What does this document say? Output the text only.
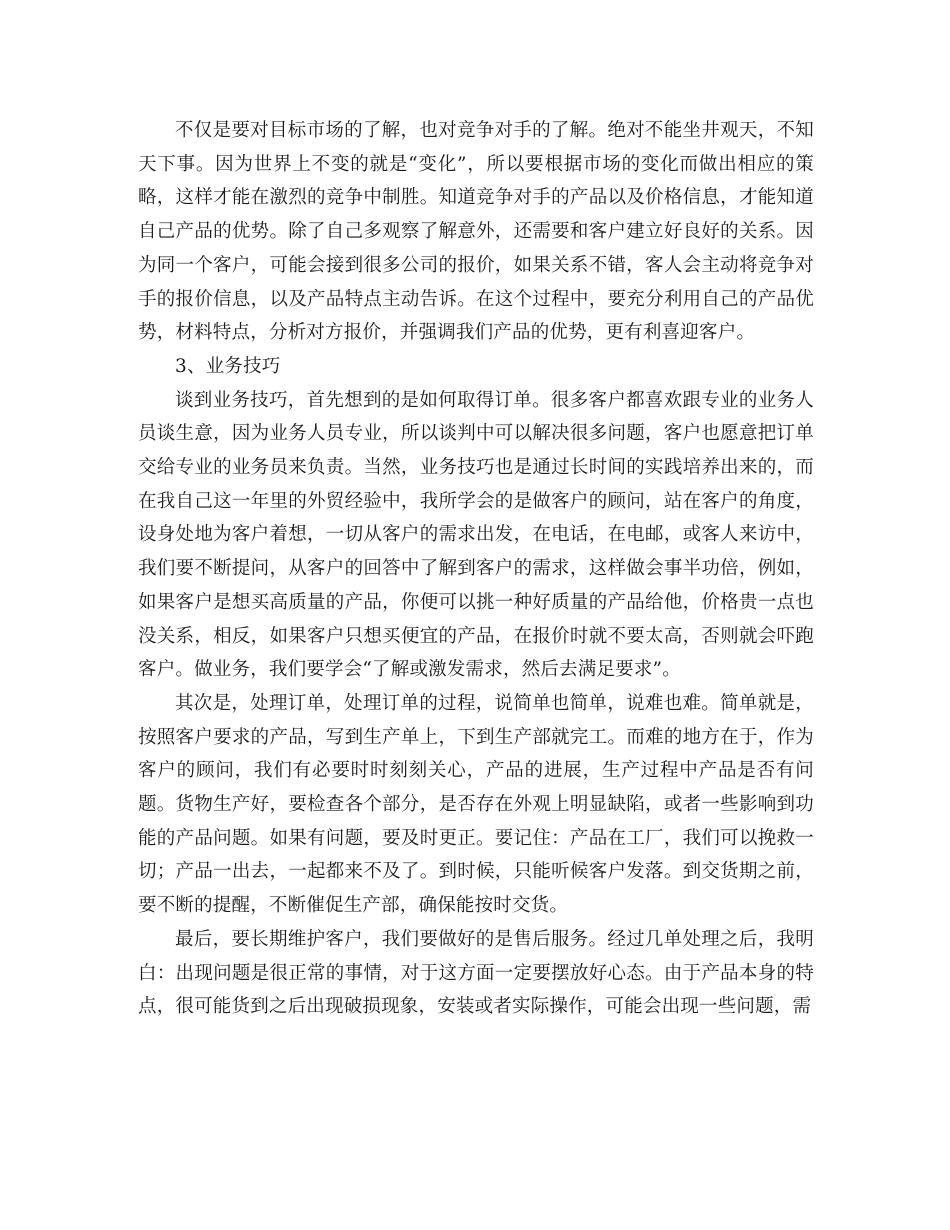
不仅是要对目标市场的了解，也对竞争对手的了解。绝对不能坐井观天，不知天下事。因为世界上不变的就是“变化”，所以要根据市场的变化而做出相应的策略，这样才能在激烈的竞争中制胜。知道竞争对手的产品以及价格信息，才能知道自己产品的优势。除了自己多观察了解意外，还需要和客户建立好良好的关系。因为同一个客户，可能会接到很多公司的报价，如果关系不错，客人会主动将竞争对手的报价信息，以及产品特点主动告诉。在这个过程中，要充分利用自己的产品优势，材料特点，分析对方报价，并强调我们产品的优势，更有利喜迎客户。

3、业务技巧

谈到业务技巧，首先想到的是如何取得订单。很多客户都喜欢跟专业的业务人员谈生意，因为业务人员专业，所以谈判中可以解决很多问题，客户也愿意把订单交给专业的业务员来负责。当然，业务技巧也是通过长时间的实践培养出来的，而在我自己这一年里的外贸经验中，我所学会的是做客户的顾问，站在客户的角度，设身处地为客户着想，一切从客户的需求出发，在电话，在电邮，或客人来访中，我们要不断提问，从客户的回答中了解到客户的需求，这样做会事半功倍，例如，如果客户是想买高质量的产品，你便可以挑一种好质量的产品给他，价格贵一点也没关系，相反，如果客户只想买便宜的产品，在报价时就不要太高，否则就会吓跑客户。做业务，我们要学会“了解或激发需求，然后去满足要求”。

其次是，处理订单，处理订单的过程，说简单也简单，说难也难。简单就是，按照客户要求的产品，写到生产单上，下到生产部就完工。而难的地方在于，作为客户的顾问，我们有必要时时刻刻关心，产品的进展，生产过程中产品是否有问题。货物生产好，要检查各个部分，是否存在外观上明显缺陷，或者一些影响到功能的产品问题。如果有问题，要及时更正。要记住：产品在工厂，我们可以挽救一切；产品一出去，一起都来不及了。到时候，只能听候客户发落。到交货期之前，要不断的提醒，不断催促生产部，确保能按时交货。

最后，要长期维护客户，我们要做好的是售后服务。经过几单处理之后，我明白：出现问题是很正常的事情，对于这方面一定要摆放好心态。由于产品本身的特点，很可能货到之后出现破损现象，安装或者实际操作，可能会出现一些问题，需
